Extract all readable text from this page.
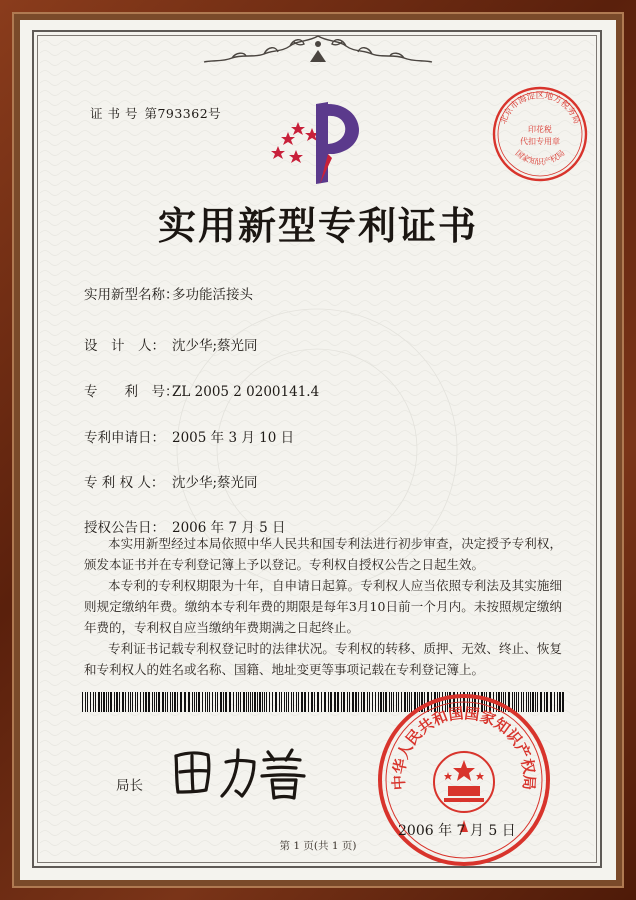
证 书 号 第793362号	北京市海淀区地方税务局
印花税
代扣专用章
国家知识产权局
实用新型专利证书
实用新型名称：多功能活接头
设　计　人： 沈少华;蔡光同
专　　利　号：ZL 2005 2 0200141.4
专利申请日： 2005 年 3 月 10 日
专 利 权 人： 沈少华;蔡光同
授权公告日： 2006 年 7 月 5 日

本实用新型经过本局依照中华人民共和国专利法进行初步审查，决定授予专利权，颁发本证书并在专利登记簿上予以登记。专利权自授权公告之日起生效。

本专利的专利权期限为十年，自申请日起算。专利权人应当依照专利法及其实施细则规定缴纳年费。缴纳本专利年费的期限是每年3月10日前一个月内。未按照规定缴纳年费的，专利权自应当缴纳年费期满之日起终止。

专利证书记载专利权登记时的法律状况。专利权的转移、质押、无效、终止、恢复和专利权人的姓名或名称、国籍、地址变更等事项记载在专利登记簿上。

局长	中华人民共和国国家知识产权局
2006 年 7 月 5 日
第 1 页(共 1 页)
